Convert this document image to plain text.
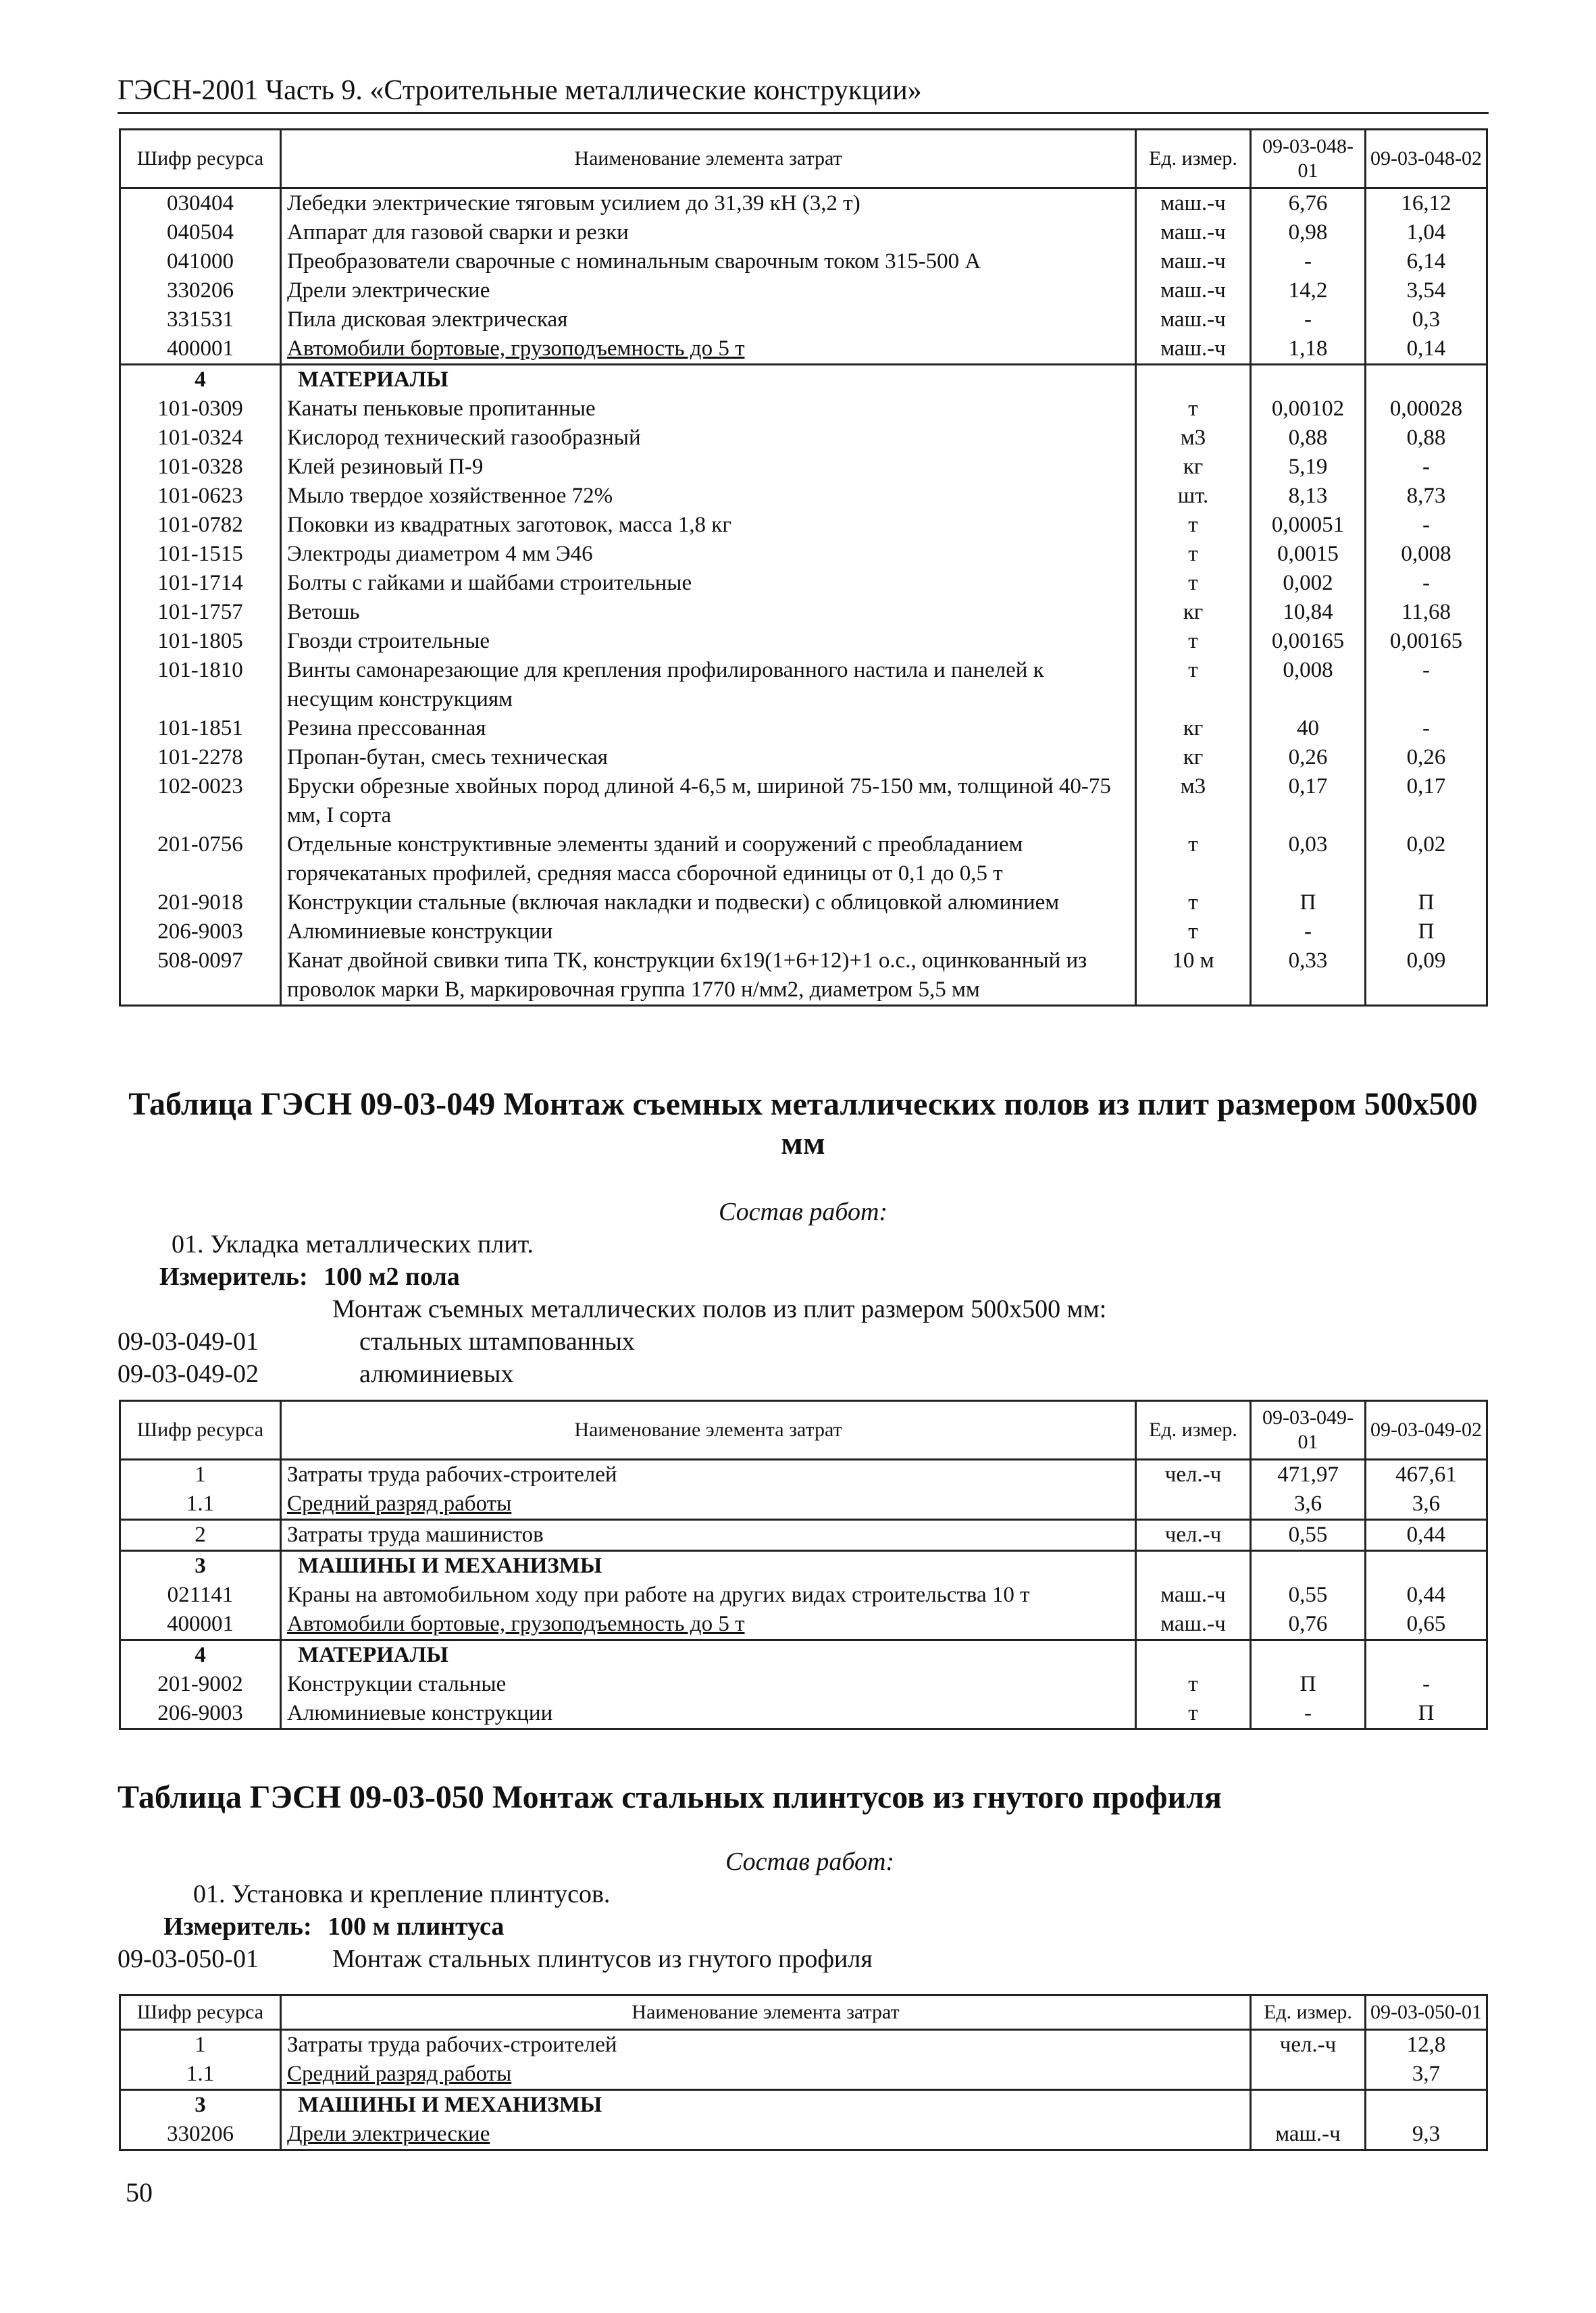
ГЭСН-2001 Часть 9. «Строительные металлические конструкции»
Шифр ресурса	Наименование элемента затрат	Ед. измер.	09-03-048-01	09-03-048-02
030404	Лебедки электрические тяговым усилием до 31,39 кН (3,2 т)	маш.-ч	6,76	16,12
040504	Аппарат для газовой сварки и резки	маш.-ч	0,98	1,04
041000	Преобразователи сварочные с номинальным сварочным током 315-500 А	маш.-ч	-	6,14
330206	Дрели электрические	маш.-ч	14,2	3,54
331531	Пила дисковая электрическая	маш.-ч	-	0,3
400001	Автомобили бортовые, грузоподъемность до 5 т	маш.-ч	1,18	0,14
4	МАТЕРИАЛЫ			
101-0309	Канаты пеньковые пропитанные	т	0,00102	0,00028
101-0324	Кислород технический газообразный	м3	0,88	0,88
101-0328	Клей резиновый П-9	кг	5,19	-
101-0623	Мыло твердое хозяйственное 72%	шт.	8,13	8,73
101-0782	Поковки из квадратных заготовок, масса 1,8 кг	т	0,00051	-
101-1515	Электроды диаметром 4 мм Э46	т	0,0015	0,008
101-1714	Болты с гайками и шайбами строительные	т	0,002	-
101-1757	Ветошь	кг	10,84	11,68
101-1805	Гвозди строительные	т	0,00165	0,00165
101-1810	Винты самонарезающие для крепления профилированного настила и панелей к несущим конструкциям	т	0,008	-
101-1851	Резина прессованная	кг	40	-
101-2278	Пропан-бутан, смесь техническая	кг	0,26	0,26
102-0023	Бруски обрезные хвойных пород длиной 4-6,5 м, шириной 75-150 мм, толщиной 40-75 мм, I сорта	м3	0,17	0,17
201-0756	Отдельные конструктивные элементы зданий и сооружений с преобладанием горячекатаных профилей, средняя масса сборочной единицы от 0,1 до 0,5 т	т	0,03	0,02
201-9018	Конструкции стальные (включая накладки и подвески) с облицовкой алюминием	т	П	П
206-9003	Алюминиевые конструкции	т	-	П
508-0097	Канат двойной свивки типа ТК, конструкции 6х19(1+6+12)+1 о.с., оцинкованный из проволок марки В, маркировочная группа 1770 н/мм2, диаметром 5,5 мм	10 м	0,33	0,09
Таблица ГЭСН 09-03-049 Монтаж съемных металлических полов из плит размером 500х500 мм
Состав работ:
01. Укладка металлических плит.
Измеритель: 100 м2 пола
Монтаж съемных металлических полов из плит размером 500х500 мм:
09-03-049-01	стальных штампованных
09-03-049-02	алюминиевых
Шифр ресурса	Наименование элемента затрат	Ед. измер.	09-03-049-01	09-03-049-02
1	Затраты труда рабочих-строителей	чел.-ч	471,97	467,61
1.1	Средний разряд работы		3,6	3,6
2	Затраты труда машинистов	чел.-ч	0,55	0,44
3	МАШИНЫ И МЕХАНИЗМЫ			
021141	Краны на автомобильном ходу при работе на других видах строительства 10 т	маш.-ч	0,55	0,44
400001	Автомобили бортовые, грузоподъемность до 5 т	маш.-ч	0,76	0,65
4	МАТЕРИАЛЫ			
201-9002	Конструкции стальные	т	П	-
206-9003	Алюминиевые конструкции	т	-	П
Таблица ГЭСН 09-03-050 Монтаж стальных плинтусов из гнутого профиля
Состав работ:
01. Установка и крепление плинтусов.
Измеритель: 100 м плинтуса
09-03-050-01	Монтаж стальных плинтусов из гнутого профиля
Шифр ресурса	Наименование элемента затрат	Ед. измер.	09-03-050-01
1	Затраты труда рабочих-строителей	чел.-ч	12,8
1.1	Средний разряд работы		3,7
3	МАШИНЫ И МЕХАНИЗМЫ		
330206	Дрели электрические	маш.-ч	9,3
50
